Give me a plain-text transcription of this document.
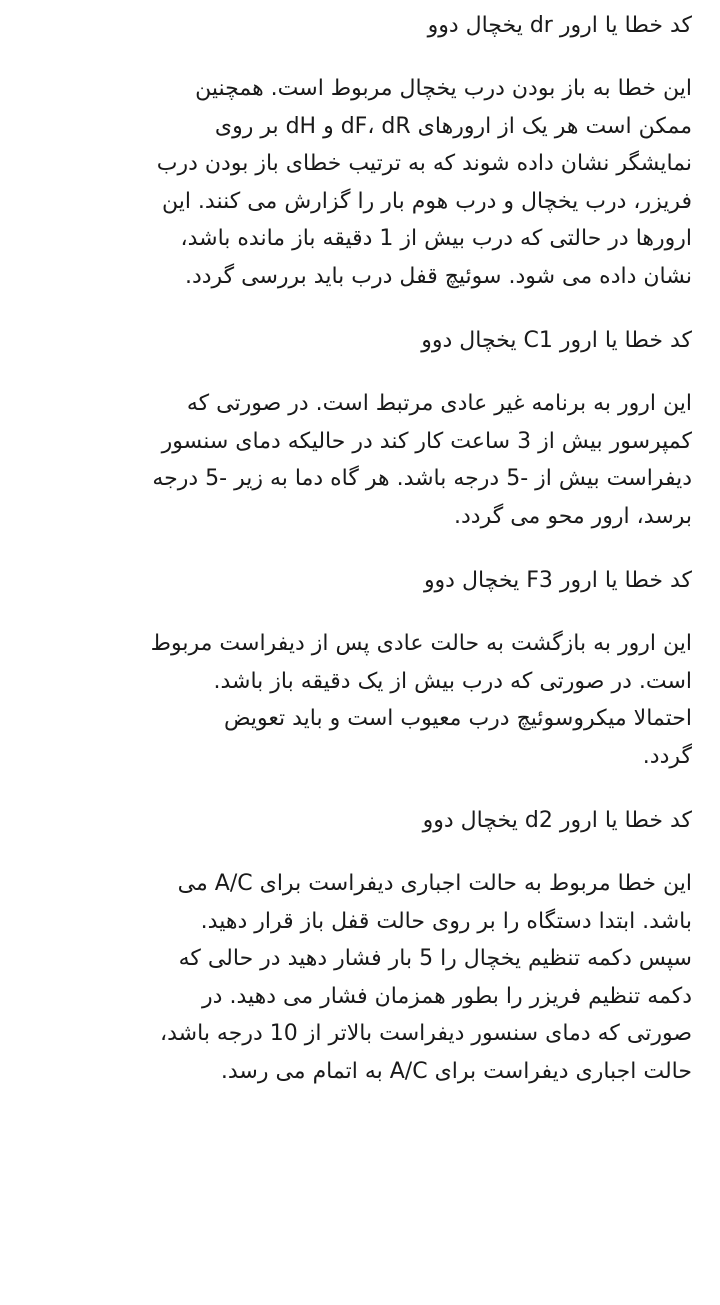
کد خطا یا ارور dr یخچال دوو

این خطا به باز بودن درب یخچال مربوط است. همچنین
ممکن است هر یک از ارورهای dF، dR و dH بر روی
نمایشگر نشان داده شوند که به ترتیب خطای باز بودن درب
فریزر، درب یخچال و درب هوم بار را گزارش می کنند. این
ارورها در حالتی که درب بیش از 1 دقیقه باز مانده باشد،
نشان داده می شود. سوئیچ قفل درب باید بررسی گردد.

کد خطا یا ارور C1 یخچال دوو

این ارور به برنامه غیر عادی مرتبط است. در صورتی که
کمپرسور بیش از 3 ساعت کار کند در حالیکه دمای سنسور
دیفراست بیش از -5 درجه باشد. هر گاه دما به زیر -5 درجه
برسد، ارور محو می گردد.

کد خطا یا ارور F3 یخچال دوو

این ارور به بازگشت به حالت عادی پس از دیفراست مربوط
است. در صورتی که درب بیش از یک دقیقه باز باشد.
احتمالا میکروسوئیچ درب معیوب است و باید تعویض
گردد.

کد خطا یا ارور d2 یخچال دوو

این خطا مربوط به حالت اجباری دیفراست برای A/C می
باشد. ابتدا دستگاه را بر روی حالت قفل باز قرار دهید.
سپس دکمه تنظیم یخچال را 5 بار فشار دهید در حالی که
دکمه تنظیم فریزر را بطور همزمان فشار می دهید. در
صورتی که دمای سنسور دیفراست بالاتر از 10 درجه باشد،
حالت اجباری دیفراست برای A/C به اتمام می رسد.
